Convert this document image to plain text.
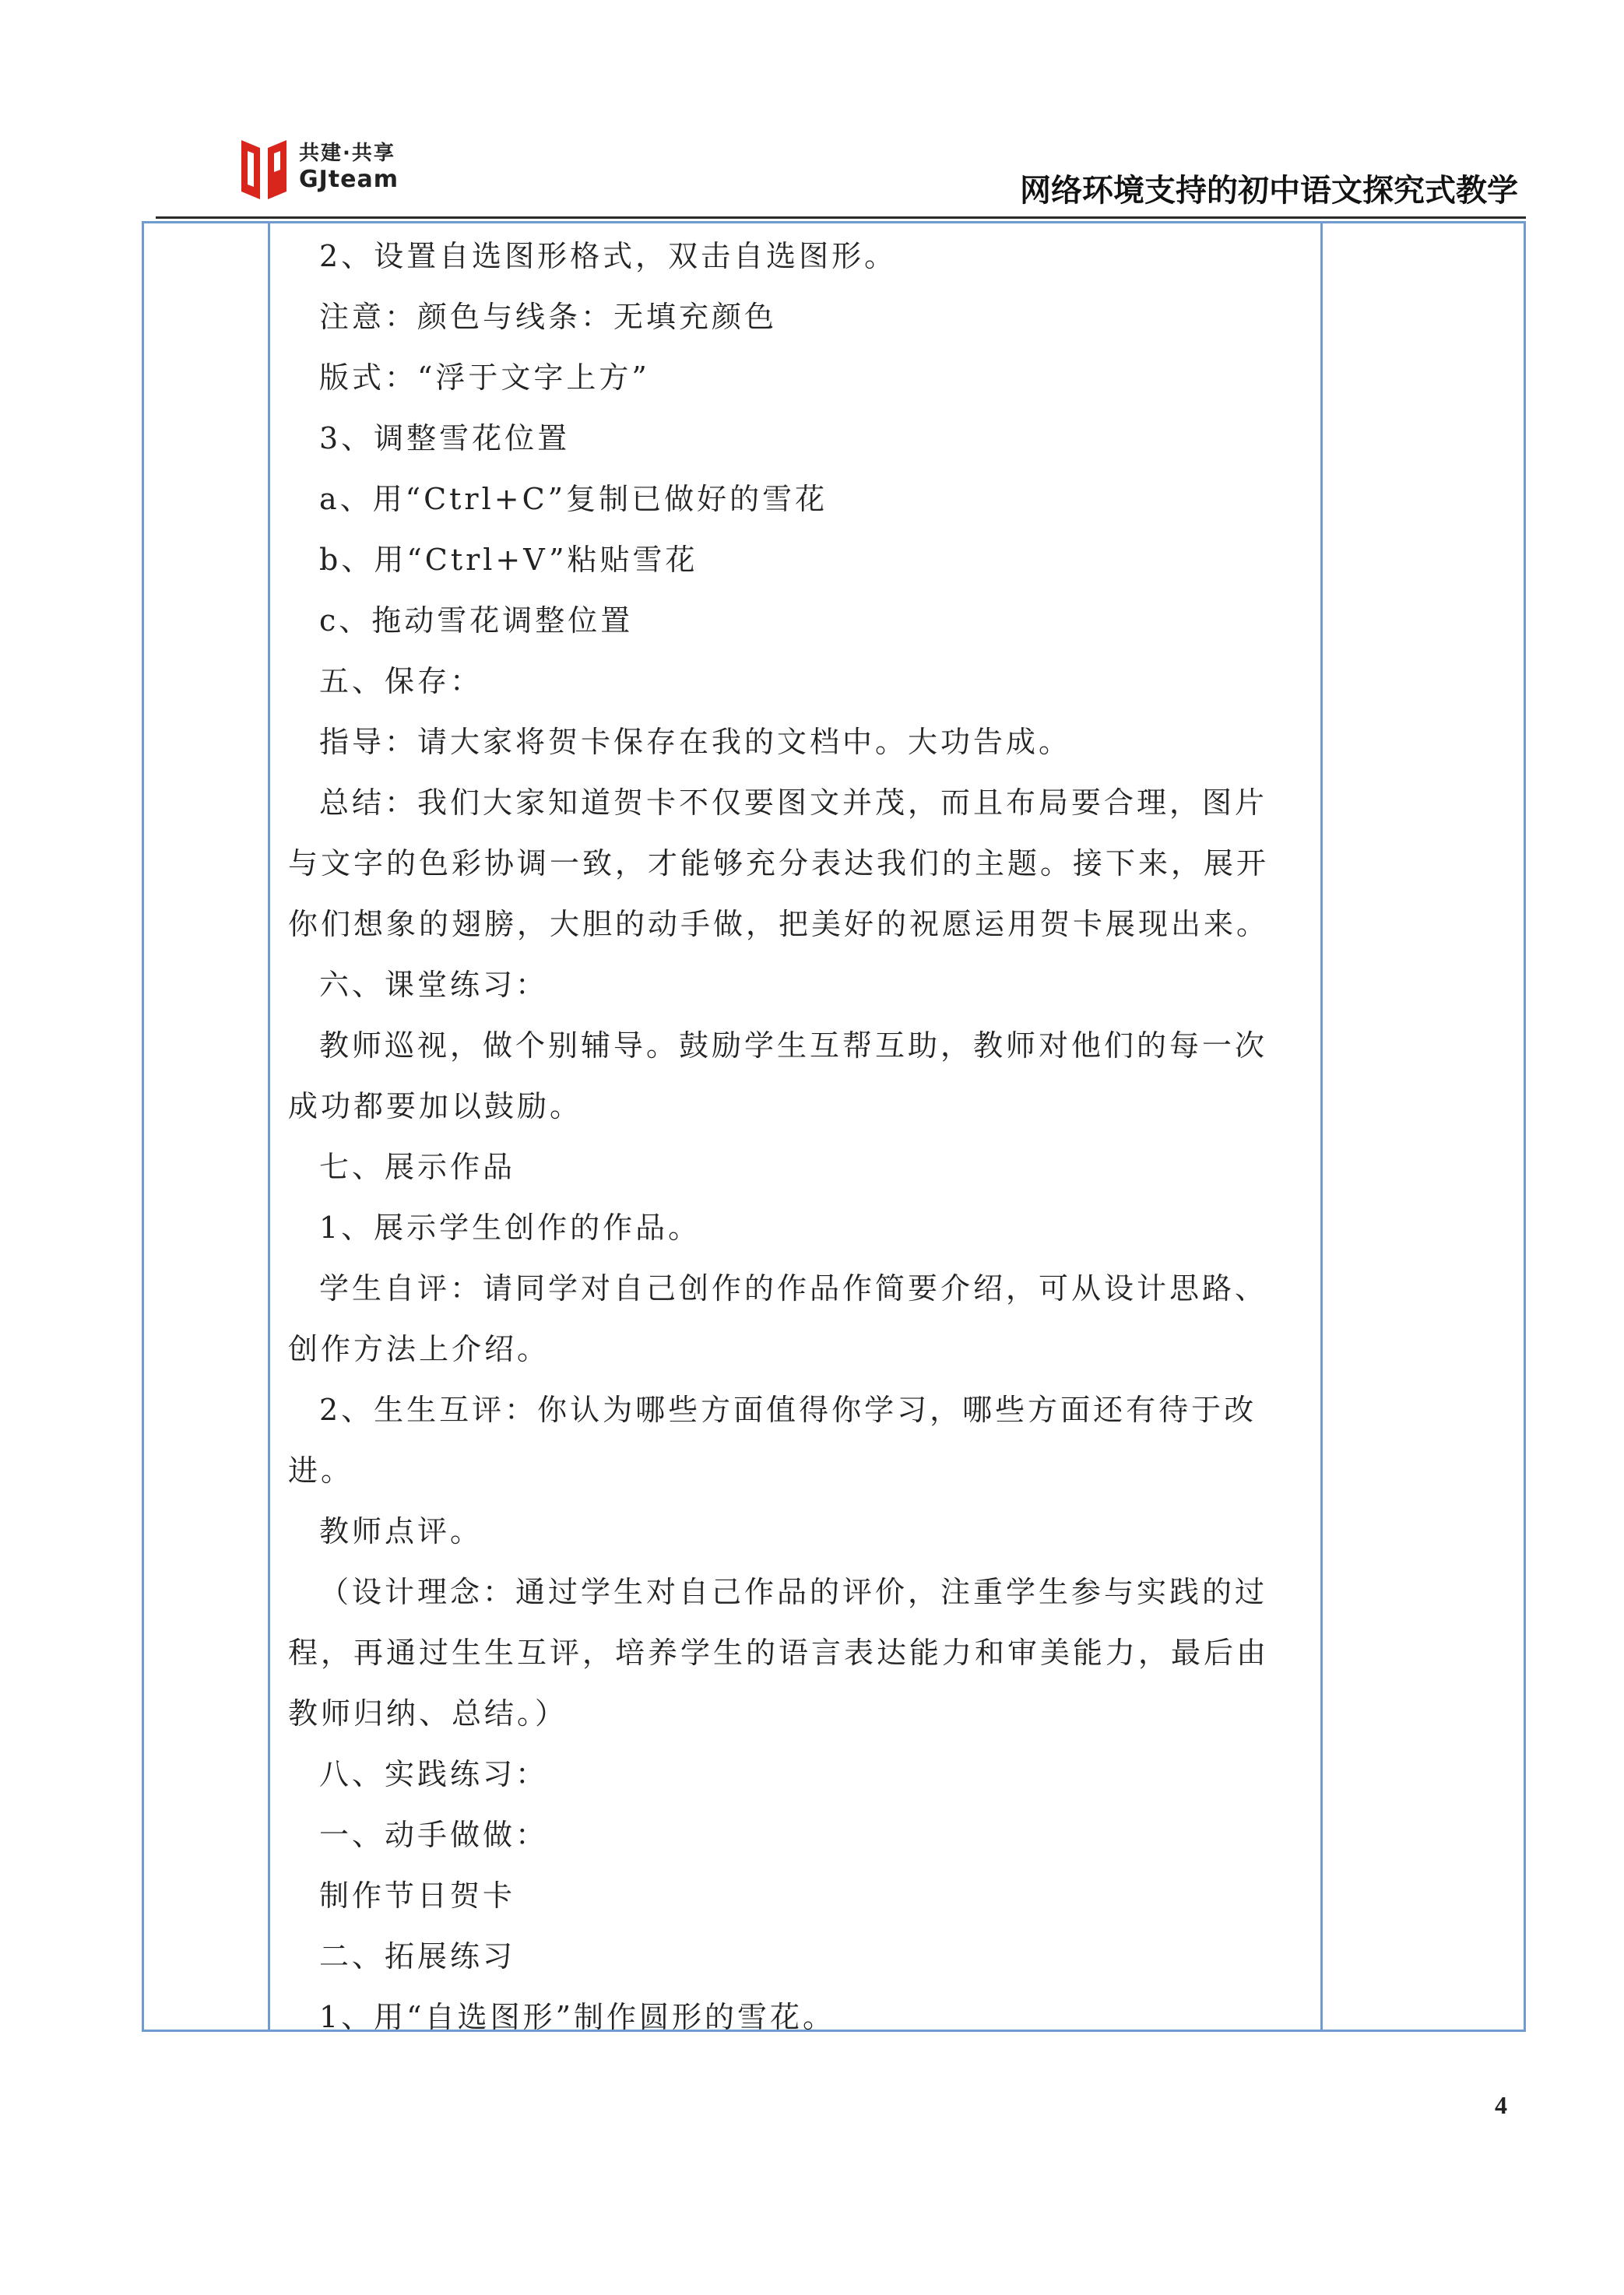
共建·共享
GJteam	网络环境支持的初中语文探究式教学

2、设置自选图形格式，双击自选图形。

注意：颜色与线条：无填充颜色

版式：“浮于文字上方”

3、调整雪花位置

a、用“Ctrl+C”复制已做好的雪花

b、用“Ctrl+V”粘贴雪花

c、拖动雪花调整位置

五、保存：

指导：请大家将贺卡保存在我的文档中。大功告成。

总结：我们大家知道贺卡不仅要图文并茂，而且布局要合理，图片

与文字的色彩协调一致，才能够充分表达我们的主题。接下来，展开

你们想象的翅膀，大胆的动手做，把美好的祝愿运用贺卡展现出来。

六、课堂练习：

教师巡视，做个别辅导。鼓励学生互帮互助，教师对他们的每一次

成功都要加以鼓励。

七、展示作品

1、展示学生创作的作品。

学生自评：请同学对自己创作的作品作简要介绍，可从设计思路、

创作方法上介绍。

2、生生互评：你认为哪些方面值得你学习，哪些方面还有待于改

进。

教师点评。

（设计理念：通过学生对自己作品的评价，注重学生参与实践的过

程，再通过生生互评，培养学生的语言表达能力和审美能力，最后由

教师归纳、总结。）

八、实践练习：

一、动手做做：

制作节日贺卡

二、拓展练习

1、用“自选图形”制作圆形的雪花。

4
